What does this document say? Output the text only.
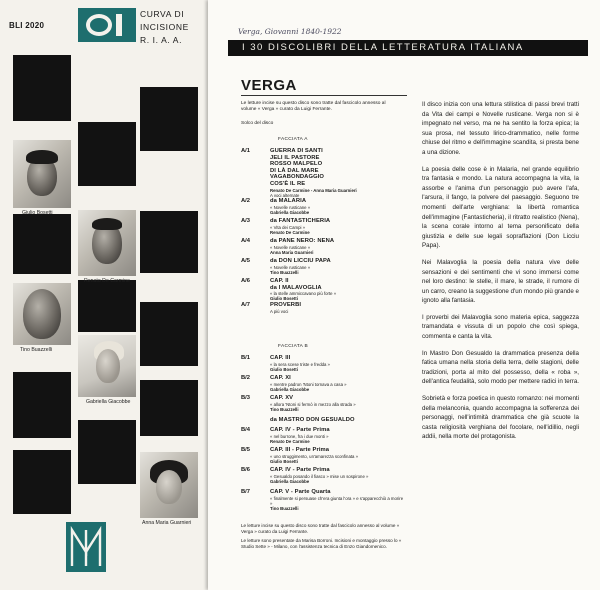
BLI 2020
CURVA DI
INCISIONE
R. I. A. A.
Giulio Bosetti
Renato De Carmine
Tino Buazzelli
Gabriella Giacobbe
Anna Maria Guarnieri
Verga, Giovanni 1840-1922
I 30 DISCOLIBRI DELLA LETTERATURA ITALIANA
VERGA
Le letture incise su questo disco sono tratte dal fascicolo annesso al volume « Verga » curato da Luigi Ferrante.
Solco del disco
FACCIATA A
A/1	GUERRA DI SANTI
JELI IL PASTORE
ROSSO MALPELO
DI LÀ DAL MARE
VAGABONDAGGIO
COS'È IL RE
Renato De Carmine - Anna Maria Guarnieri
A voci alternate
A/2	da MALARIA
« Novelle rusticane »
Gabriella Giacobbe
A/3	da FANTASTICHERIA
« Vita dei Campi »
Renato De Carmine
A/4	da PANE NERO: NENA
« Novelle rusticane »
Anna Maria Guarnieri
A/5	da DON LICCIU PAPA
« Novelle rusticane »
Tino Buazzelli
A/6	CAP. II
da I MALAVOGLIA
« la stelle ammiccavano più forte »
Giulio Bosetti
A/7	PROVERBI
A più voci
FACCIATA B
B/1	CAP. III
« la sera scese triste e fredda »
Giulio Bosetti
B/2	CAP. XI
« mentre padron 'Ntoni tornava a casa »
Gabriella Giacobbe
B/3	CAP. XV
« allora 'Ntoni si fermò in mezzo alla strada »
Tino Buazzelli
da MASTRO DON GESUALDO
B/4	CAP. IV - Parte Prima
« nel burrone, fra i due monti »
Renato De Carmine
B/5	CAP. III - Parte Prima
« uno struggimento, un'amarezza sconfinata »
Giulio Bosetti
B/6	CAP. IV - Parte Prima
« Gesualdo posando il fiasco » mise un sospirone »
Gabriella Giacobbe
B/7	CAP. V - Parte Quarta
« finalmente si persuase ch'era giunta l'ora » e s'apparecchiò a morire »
Tino Buazzelli
Le letture incise su questo disco sono tratte dal fascicolo annesso al volume « Verga » curato da Luigi Ferrante.
Le letture sono presentate da Marisa Borroni. Incisioni e montaggio presso lo « Studio Sette » - Milano, con l'assistenza tecnica di Enzo Giandomenico.

Il disco inizia con una lettura stilistica di passi brevi tratti da Vita dei campi e Novelle rusticane. Verga non si è impegnato nel verso, ma ne ha sentito la forza epica; la sua prosa, nel tessuto lirico-drammatico, nelle forme chiuse del ritmo e dell'immagine scandita, si presta bene a una dizione.

La poesia delle cose è in Malaria, nel grande equilibrio tra fantasia e mondo. La natura accompagna la vita, la assorbe e l'anima d'un personaggio può avere l'afa, l'arsura, il fango, la polvere del paesaggio. Seguono tre momenti dell'arte verghiana: la libertà romantica dell'immagine (Fantasticheria), il ritratto realistico (Nena), la scena corale intorno al tema personificato della giustizia e delle sue legali sopraffazioni (Don Licciu Papa).

Nei Malavoglia la poesia della natura vive delle sensazioni e dei sentimenti che vi sono immersi come nel loro destino: le stelle, il mare, le strade, il rumore di un carro, creano la suggestione d'un mondo più grande e ignoto alla fantasia.

I proverbi dei Malavoglia sono materia epica, saggezza tramandata e vissuta di un popolo che così spiega, commenta e canta la vita.

In Mastro Don Gesualdo la drammatica presenza della fatica umana nella storia della terra, delle stagioni, delle tradizioni, porta al mito del possesso, della « roba », dell'antica feudalità, solo modo per mettere radici in terra.

Sobrietà e forza poetica in questo romanzo: nei momenti della melanconia, quando accompagna la sofferenza dei personaggi, nell'intimità drammatica che già scuote la casta religiosità verghiana del focolare, nell'idillio, negli addii, nella morte del protagonista.
